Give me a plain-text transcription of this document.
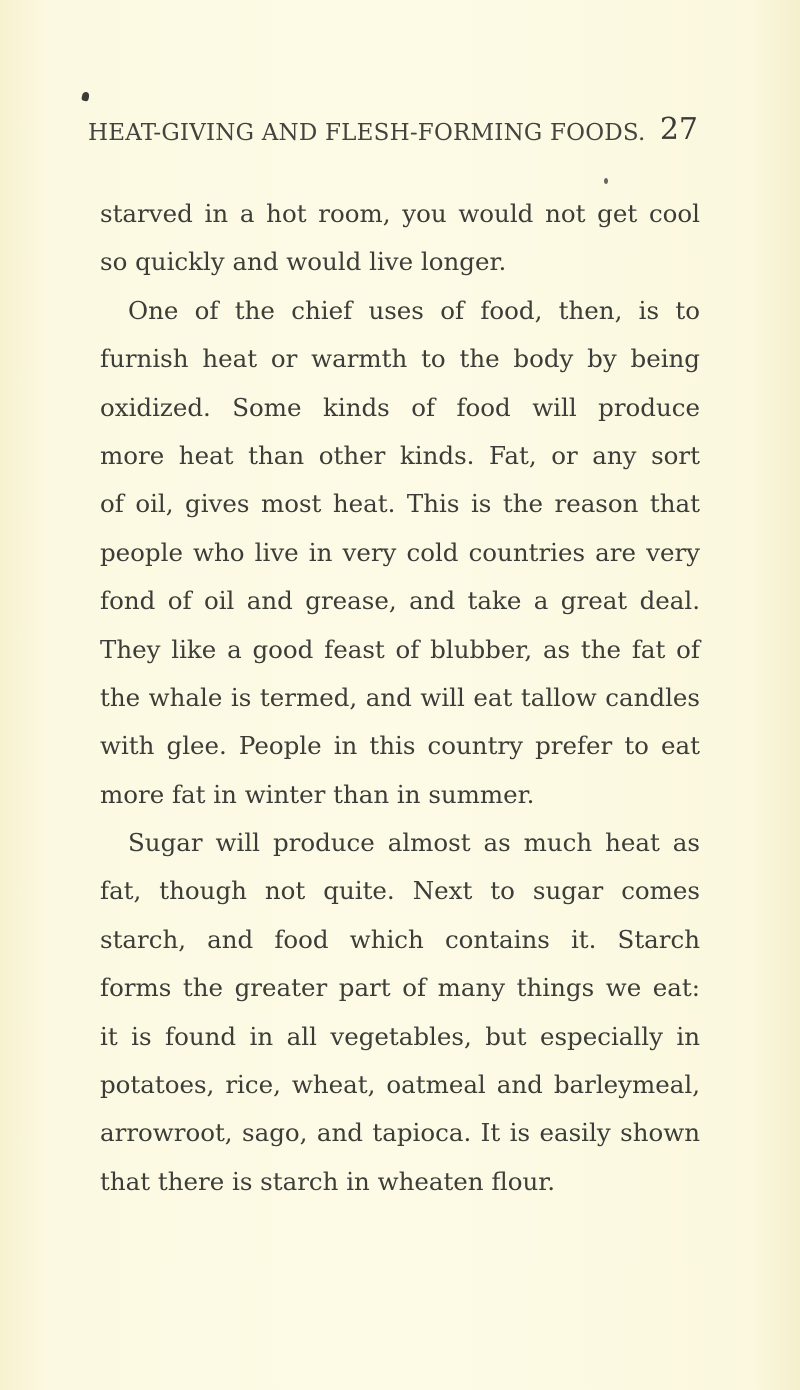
HEAT-GIVING AND FLESH-FORMING FOODS. 27
starved in a hot room, you would not get cool
so quickly and would live longer.
One of the chief uses of food, then, is to
furnish heat or warmth to the body by being
oxidized. Some kinds of food will produce
more heat than other kinds. Fat, or any sort
of oil, gives most heat. This is the reason that
people who live in very cold countries are very
fond of oil and grease, and take a great deal.
They like a good feast of blubber, as the fat of
the whale is termed, and will eat tallow candles
with glee. People in this country prefer to eat
more fat in winter than in summer.
Sugar will produce almost as much heat as
fat, though not quite. Next to sugar comes
starch, and food which contains it. Starch
forms the greater part of many things we eat:
it is found in all vegetables, but especially in
potatoes, rice, wheat, oatmeal and barleymeal,
arrowroot, sago, and tapioca. It is easily shown
that there is starch in wheaten flour.
